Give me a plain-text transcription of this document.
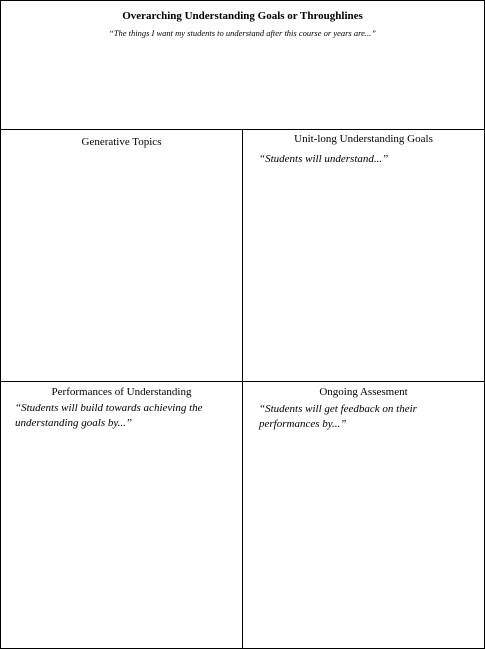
Overarching Understanding Goals or Throughlines
“The things I want my students to understand after this course or years are...”
Generative Topics	Unit-long Understanding Goals
“Students will understand...”
Performances of Understanding
“Students will build towards achieving the understanding goals by...”
Ongoing Assesment
“Students will get feedback on their performances by...”
